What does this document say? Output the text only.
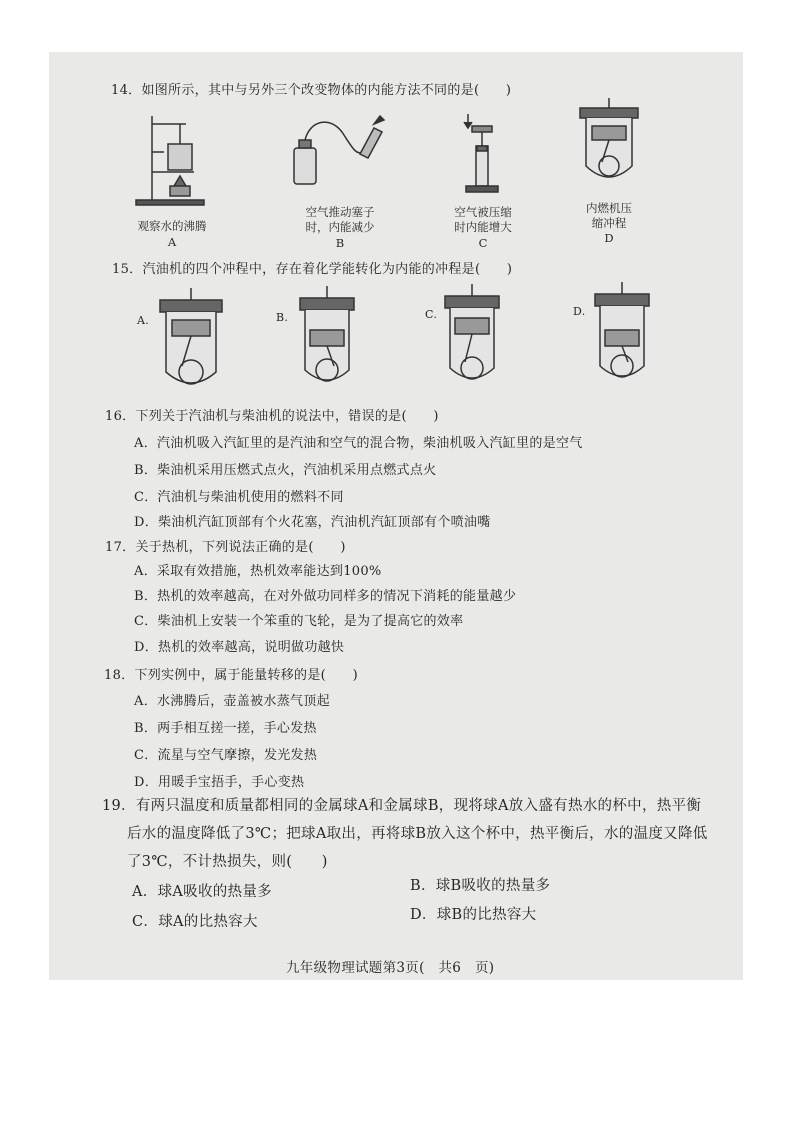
14．如图所示，其中与另外三个改变物体的内能方法不同的是(　　)
观察水的沸腾
A
空气推动塞子
时，内能减少
B
空气被压缩
时内能增大
C
内燃机压
缩冲程
D
15．汽油机的四个冲程中，存在着化学能转化为内能的冲程是(　　)
A.	B.	C.	D.
16．下列关于汽油机与柴油机的说法中，错误的是(　　)
A．汽油机吸入汽缸里的是汽油和空气的混合物，柴油机吸入汽缸里的是空气
B．柴油机采用压燃式点火，汽油机采用点燃式点火
C．汽油机与柴油机使用的燃料不同
D．柴油机汽缸顶部有个火花塞，汽油机汽缸顶部有个喷油嘴
17．关于热机，下列说法正确的是(　　)
A．采取有效措施，热机效率能达到100%
B．热机的效率越高，在对外做功同样多的情况下消耗的能量越少
C．柴油机上安装一个笨重的飞轮，是为了提高它的效率
D．热机的效率越高，说明做功越快
18．下列实例中，属于能量转移的是(　　)
A．水沸腾后，壶盖被水蒸气顶起
B．两手相互搓一搓，手心发热
C．流星与空气摩擦，发光发热
D．用暖手宝捂手，手心变热
19．有两只温度和质量都相同的金属球A和金属球B，现将球A放入盛有热水的杯中，热平衡
后水的温度降低了3℃；把球A取出，再将球B放入这个杯中，热平衡后，水的温度又降低
了3℃，不计热损失，则(　　)
A．球A吸收的热量多	B．球B吸收的热量多
C．球A的比热容大	D．球B的比热容大
九年级物理试题第3页(　共6　页)
